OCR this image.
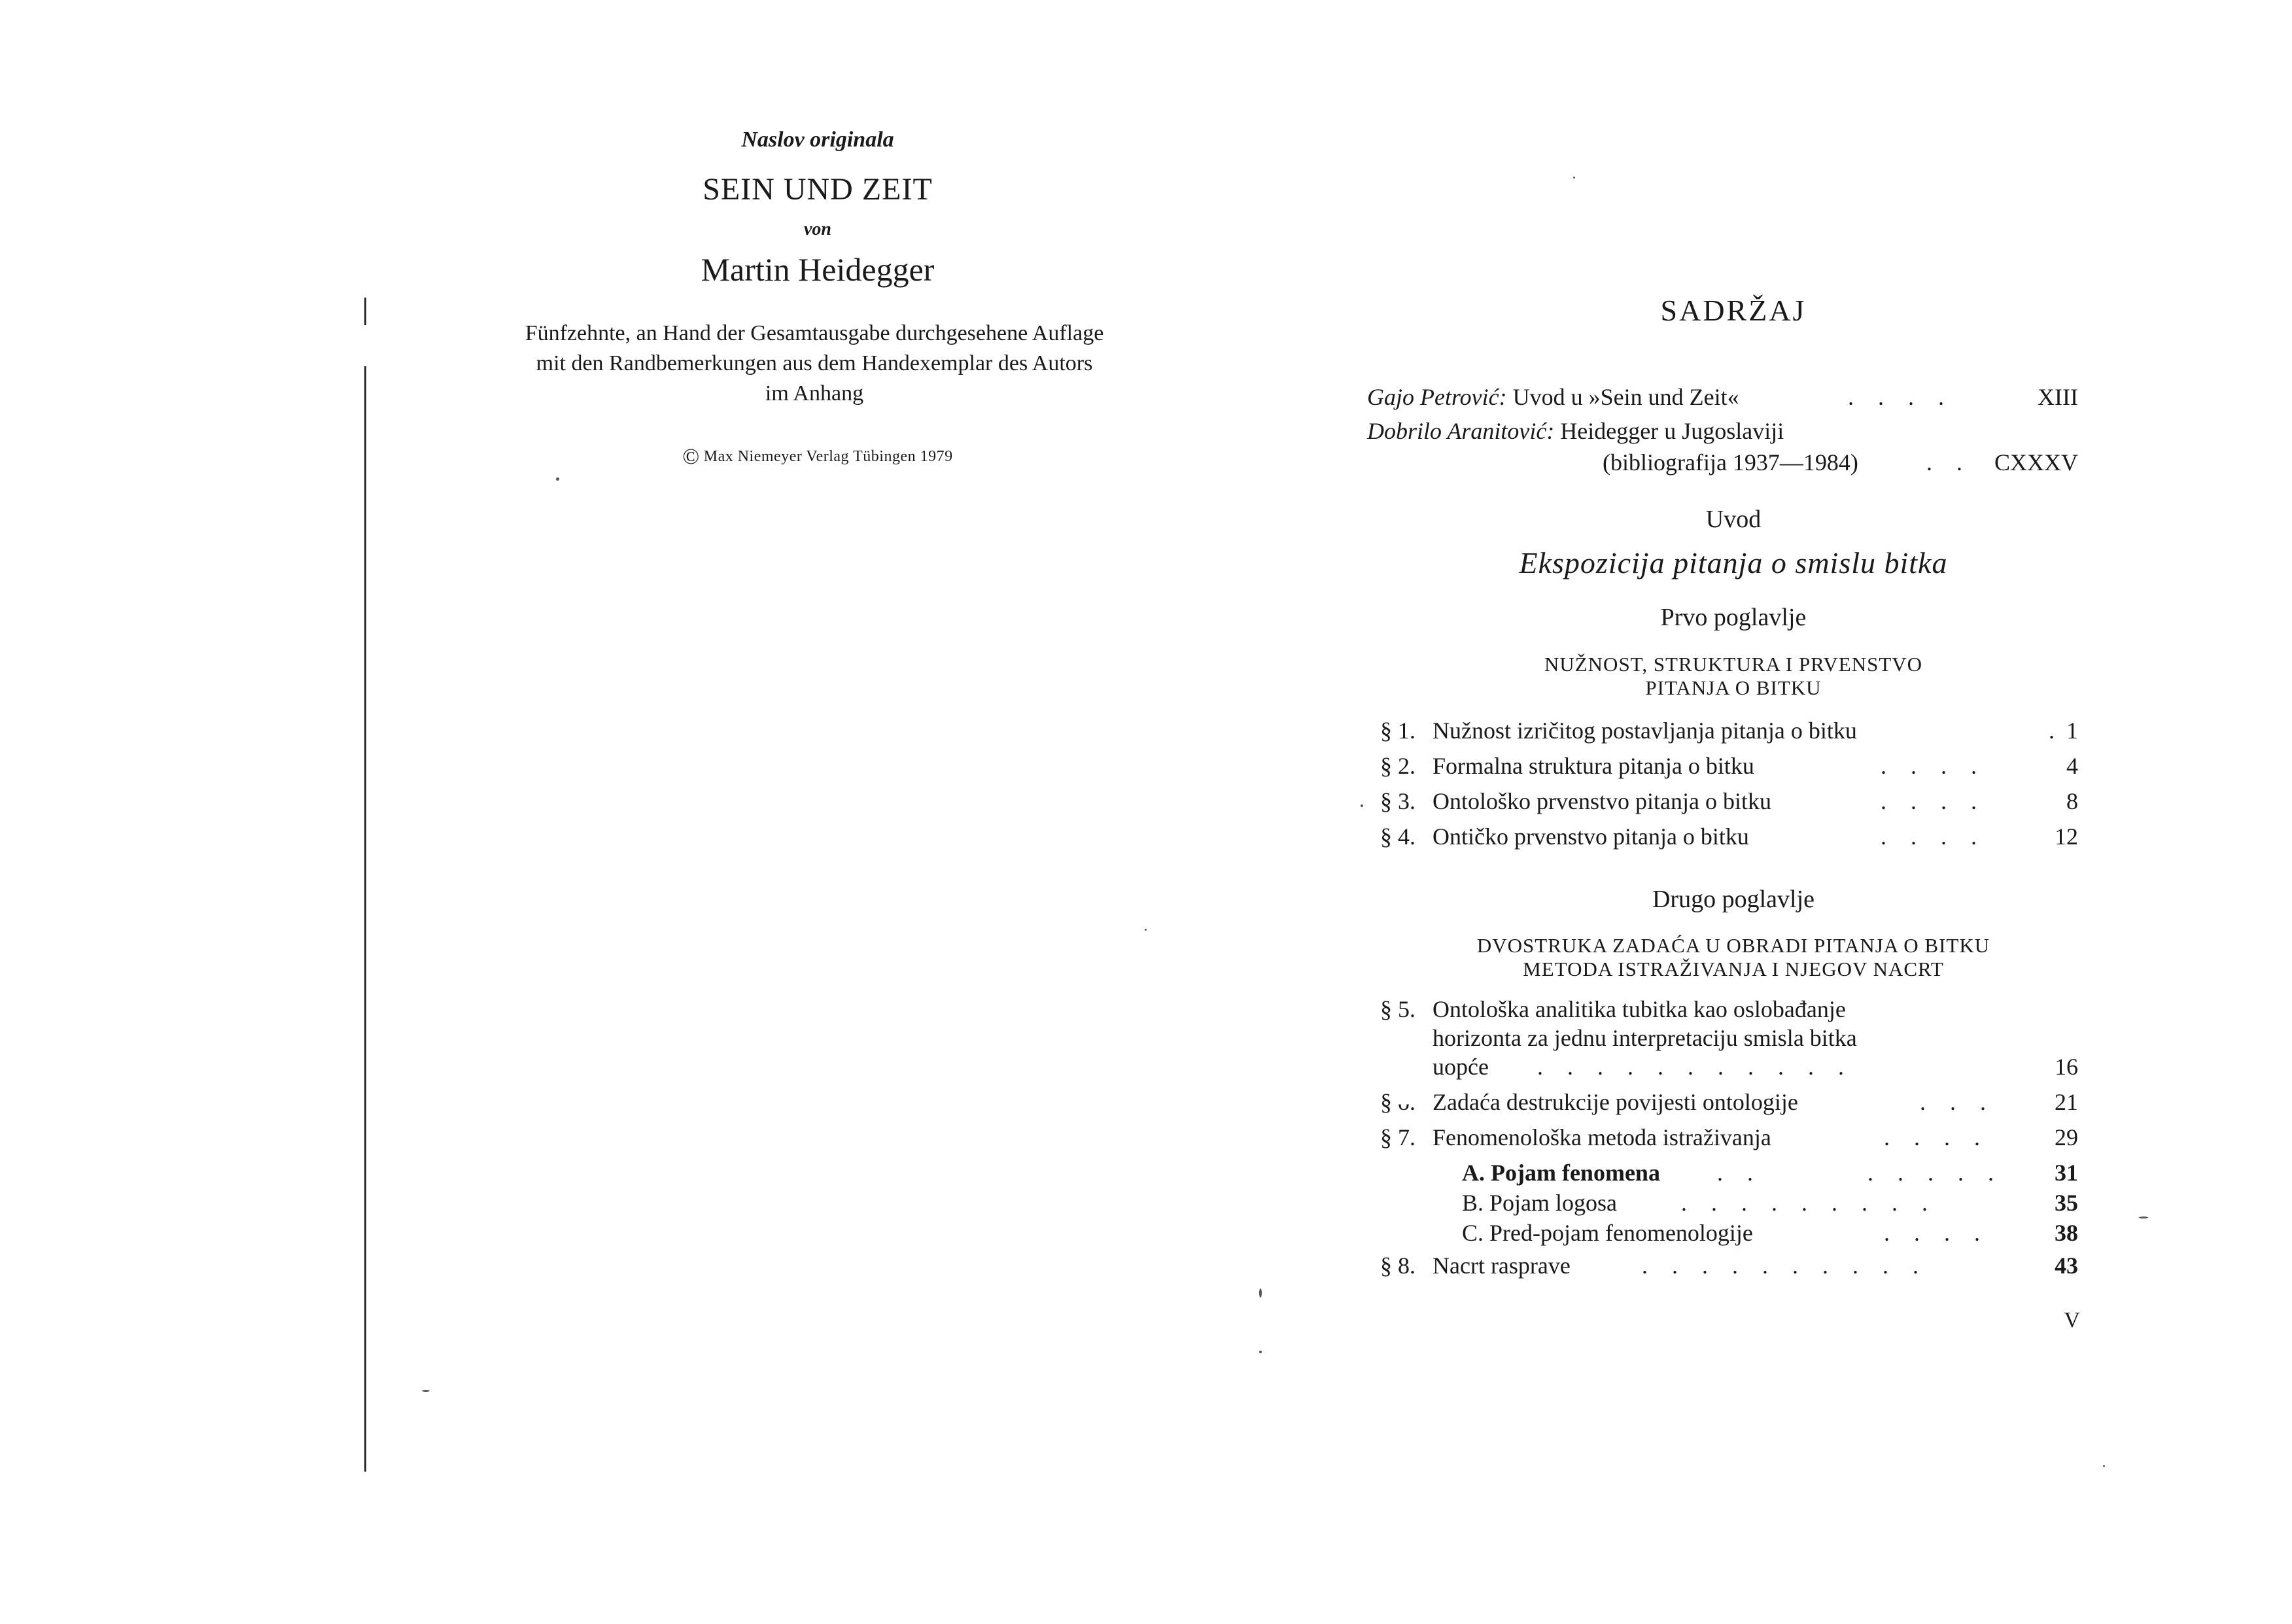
Naslov originala
SEIN UND ZEIT
von
Martin Heidegger
Fünfzehnte, an Hand der Gesamtausgabe durchgesehene Auflage
mit den Randbemerkungen aus dem Handexemplar des Autors
im Anhang
© Max Niemeyer Verlag Tübingen 1979
SADRŽAJ
Gajo Petrović: Uvod u »Sein und Zeit«	. . . .	XIII
Dobrilo Aranitović: Heidegger u Jugoslaviji
(bibliografija 1937—1984)	. . CXXXV
Uvod
Ekspozicija pitanja o smislu bitka
Prvo poglavlje
NUŽNOST, STRUKTURA I PRVENSTVO
PITANJA O BITKU
§ 1. Nužnost izričitog postavljanja pitanja o bitku	. 1
§ 2. Formalna struktura pitanja o bitku	. . . .	4
§ 3. Ontološko prvenstvo pitanja o bitku	. . . .	8
§ 4. Ontičko prvenstvo pitanja o bitku	. . . .	12
Drugo poglavlje
DVOSTRUKA ZADAĆA U OBRADI PITANJA O BITKU
METODA ISTRAŽIVANJA I NJEGOV NACRT
§ 5. Ontološka analitika tubitka kao oslobađanje
horizonta za jednu interpretaciju smisla bitka
uopće . . . . . . . . . . .	16
§ ᴗ. Zadaća destrukcije povijesti ontologije	. . .	21
§ 7. Fenomenološka metoda istraživanja	. . . .	29
A. Pojam fenomena . .       . . . . . 31
B. Pojam logosa	. . . . . . . . .	35
C. Pred-pojam fenomenologije	. . . .	38
§ 8. Nacrt rasprave	. . . . . . . . . .	43
V
